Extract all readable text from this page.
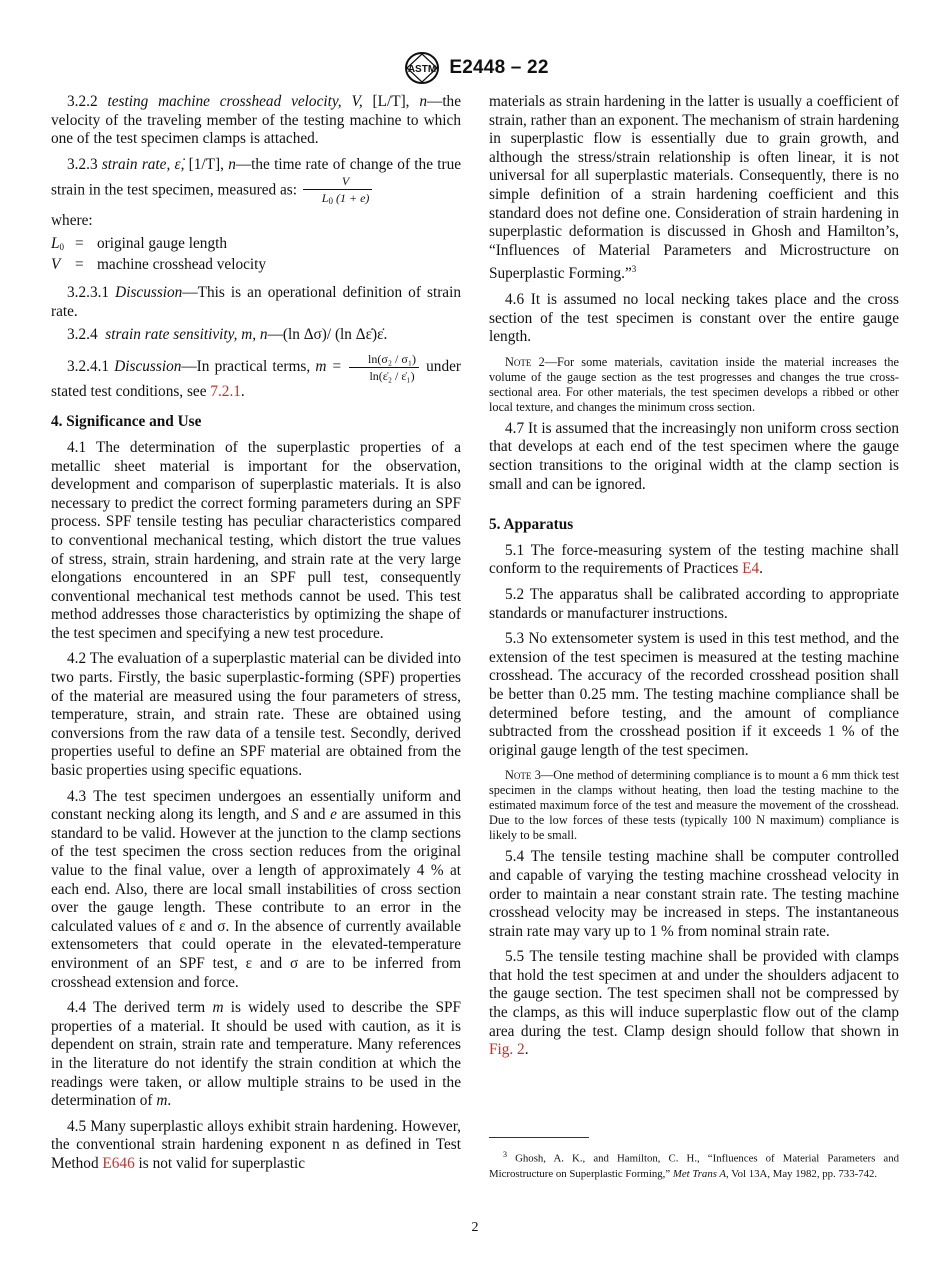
ASTM E2448 – 22

3.2.2 testing machine crosshead velocity, V, [L/T], n—the velocity of the traveling member of the testing machine to which one of the test specimen clamps is attached.

3.2.3 strain rate, ε̇, [1/T], n—the time rate of change of the true strain in the test specimen, measured as: $\frac{V}{L_0 (1 + e)}$

where:

$L_0$ = original gauge length
V = machine crosshead velocity

3.2.3.1 Discussion—This is an operational definition of strain rate.

3.2.4 strain rate sensitivity, m, n—(ln Δσ)/ (ln Δε̇)ε̇.

3.2.4.1 Discussion—In practical terms, $m = \frac{\text{ln(σ₂ / σ₁)}}{\text{ln(ε̇₂ / ε̇₁)}}$ under stated test conditions, see 7.2.1.

4. Significance and Use

4.1 The determination of the superplastic properties of a metallic sheet material is important for the observation, development and comparison of superplastic materials. It is also necessary to predict the correct forming parameters during an SPF process. SPF tensile testing has peculiar characteristics compared to conventional mechanical testing, which distort the true values of stress, strain, strain hardening, and strain rate at the very large elongations encountered in an SPF pull test, consequently conventional mechanical test methods cannot be used. This test method addresses those characteristics by optimizing the shape of the test specimen and specifying a new test procedure.

4.2 The evaluation of a superplastic material can be divided into two parts. Firstly, the basic superplastic-forming (SPF) properties of the material are measured using the four parameters of stress, temperature, strain, and strain rate. These are obtained using conversions from the raw data of a tensile test. Secondly, derived properties useful to define an SPF material are obtained from the basic properties using specific equations.

4.3 The test specimen undergoes an essentially uniform and constant necking along its length, and S and e are assumed in this standard to be valid. However at the junction to the clamp sections of the test specimen the cross section reduces from the original value to the final value, over a length of approximately 4 % at each end. Also, there are local small instabilities of cross section over the gauge length. These contribute to an error in the calculated values of ε and σ. In the absence of currently available extensometers that could operate in the elevated-temperature environment of an SPF test, ε and σ are to be inferred from crosshead extension and force.

4.4 The derived term m is widely used to describe the SPF properties of a material. It should be used with caution, as it is dependent on strain, strain rate and temperature. Many references in the literature do not identify the strain condition at which the readings were taken, or allow multiple strains to be used in the determination of m.

4.5 Many superplastic alloys exhibit strain hardening. However, the conventional strain hardening exponent n as defined in Test Method E646 is not valid for superplastic

materials as strain hardening in the latter is usually a coefficient of strain, rather than an exponent. The mechanism of strain hardening in superplastic flow is essentially due to grain growth, and although the stress/strain relationship is often linear, it is not universal for all superplastic materials. Consequently, there is no simple definition of a strain hardening coefficient and this standard does not define one. Consideration of strain hardening in superplastic deformation is discussed in Ghosh and Hamilton’s, “Influences of Material Parameters and Microstructure on Superplastic Forming.”$^3$

4.6 It is assumed no local necking takes place and the cross section of the test specimen is constant over the entire gauge length.

Note 2—For some materials, cavitation inside the material increases the volume of the gauge section as the test progresses and changes the true cross-sectional area. For other materials, the test specimen develops a ribbed or other local texture, and changes the minimum cross section.

4.7 It is assumed that the increasingly non uniform cross section that develops at each end of the test specimen where the gauge section transitions to the original width at the clamp section is small and can be ignored.

5. Apparatus

5.1 The force-measuring system of the testing machine shall conform to the requirements of Practices E4.

5.2 The apparatus shall be calibrated according to appropriate standards or manufacturer instructions.

5.3 No extensometer system is used in this test method, and the extension of the test specimen is measured at the testing machine crosshead. The accuracy of the recorded crosshead position shall be better than 0.25 mm. The testing machine compliance shall be determined before testing, and the amount of compliance subtracted from the crosshead position if it exceeds 1 % of the original gauge length of the test specimen.

Note 3—One method of determining compliance is to mount a 6 mm thick test specimen in the clamps without heating, then load the testing machine to the estimated maximum force of the test and measure the movement of the crosshead. Due to the low forces of these tests (typically 100 N maximum) compliance is likely to be small.

5.4 The tensile testing machine shall be computer controlled and capable of varying the testing machine crosshead velocity in order to maintain a near constant strain rate. The testing machine crosshead velocity may be increased in steps. The instantaneous strain rate may vary up to 1 % from nominal strain rate.

5.5 The tensile testing machine shall be provided with clamps that hold the test specimen at and under the shoulders adjacent to the gauge section. The test specimen shall not be compressed by the clamps, as this will induce superplastic flow out of the clamp area during the test. Clamp design should follow that shown in Fig. 2.

$^3$ Ghosh, A. K., and Hamilton, C. H., “Influences of Material Parameters and Microstructure on Superplastic Forming,” Met Trans A, Vol 13A, May 1982, pp. 733-742.

2
